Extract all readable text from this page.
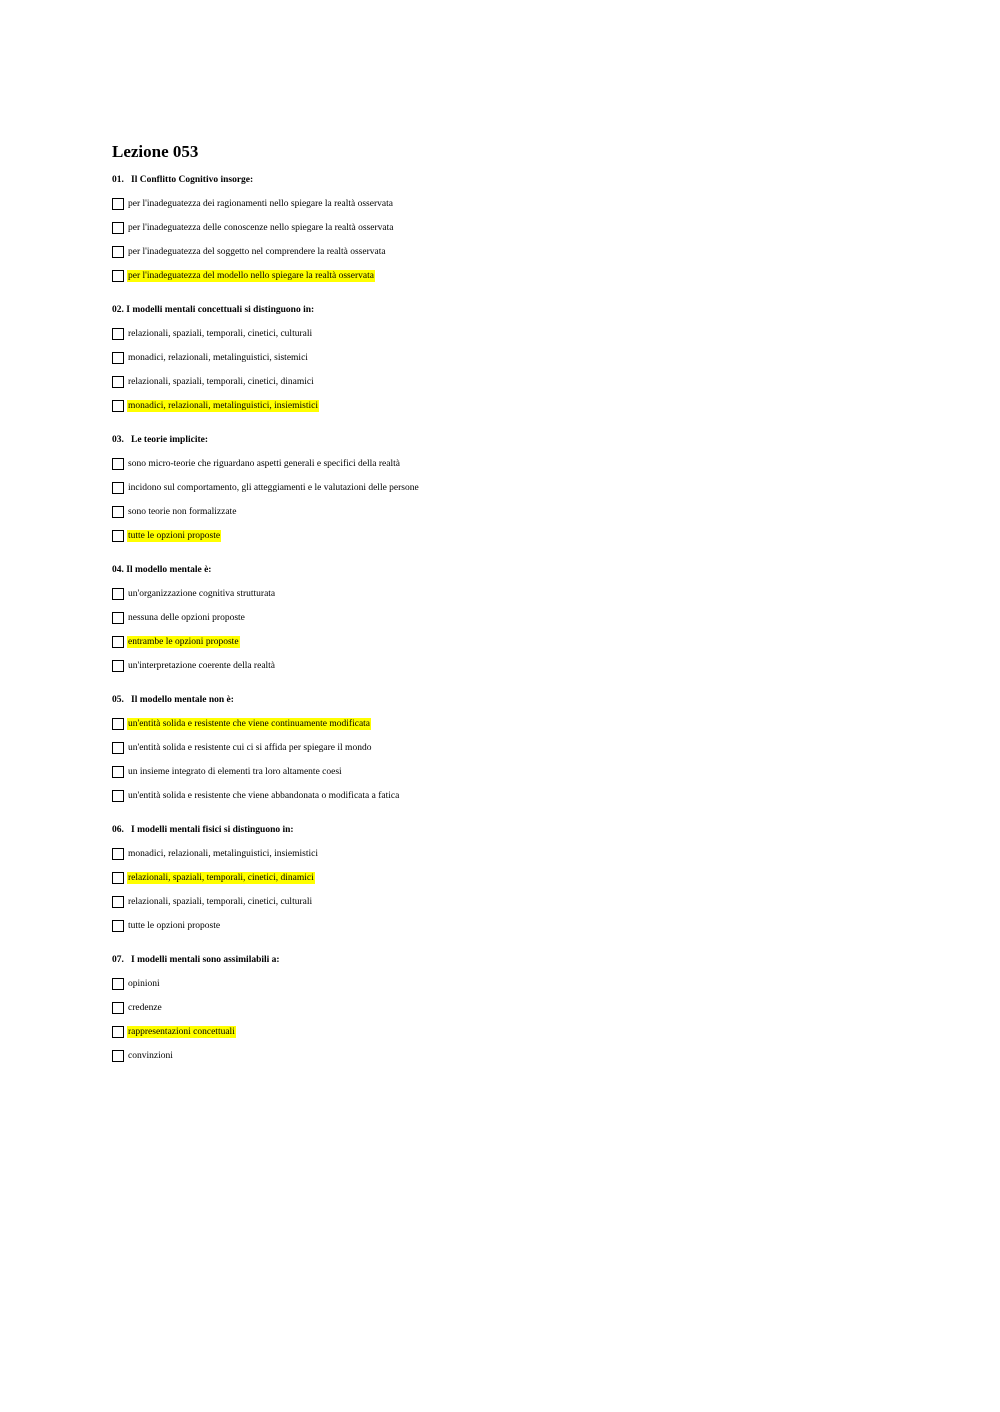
Lezione 053
01.   Il Conflitto Cognitivo insorge:
per l'inadeguatezza dei ragionamenti nello spiegare la realtà osservata
per l'inadeguatezza delle conoscenze nello spiegare la realtà osservata
per l'inadeguatezza del soggetto nel comprendere la realtà osservata
per l'inadeguatezza del modello nello spiegare la realtà osservata
02. I modelli mentali concettuali si distinguono in:
relazionali, spaziali, temporali, cinetici, culturali
monadici, relazionali, metalinguistici, sistemici
relazionali, spaziali, temporali, cinetici, dinamici
monadici, relazionali, metalinguistici, insiemistici
03.   Le teorie implicite:
sono micro-teorie che riguardano aspetti generali e specifici della realtà
incidono sul comportamento, gli atteggiamenti e le valutazioni delle persone
sono teorie non formalizzate
tutte le opzioni proposte
04. Il modello mentale è:
un'organizzazione cognitiva strutturata
nessuna delle opzioni proposte
entrambe le opzioni proposte
un'interpretazione coerente della realtà
05.   Il modello mentale non è:
un'entità solida e resistente che viene continuamente modificata
un'entità solida e resistente cui ci si affida per spiegare il mondo
un insieme integrato di elementi tra loro altamente coesi
un'entità solida e resistente che viene abbandonata o modificata a fatica
06.   I modelli mentali fisici si distinguono in:
monadici, relazionali, metalinguistici, insiemistici
relazionali, spaziali, temporali, cinetici, dinamici
relazionali, spaziali, temporali, cinetici, culturali
tutte le opzioni proposte
07.   I modelli mentali sono assimilabili a:
opinioni
credenze
rappresentazioni concettuali
convinzioni
